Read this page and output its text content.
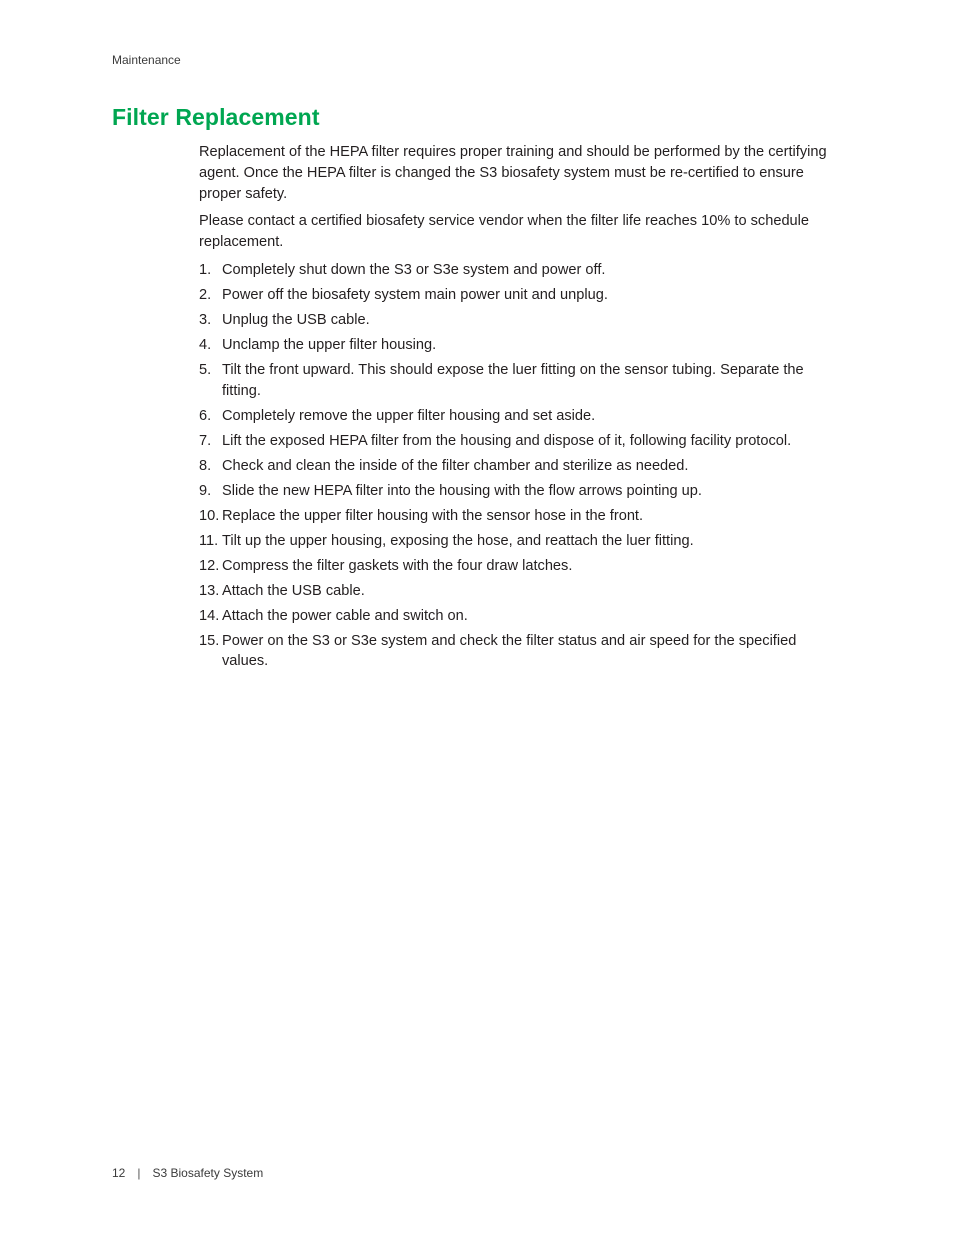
Maintenance
Filter Replacement

Replacement of the HEPA filter requires proper training and should be performed by the certifying agent. Once the HEPA filter is changed the S3 biosafety system must be re-certified to ensure proper safety.

Please contact a certified biosafety service vendor when the filter life reaches 10% to schedule replacement.

1. Completely shut down the S3 or S3e system and power off.
2. Power off the biosafety system main power unit and unplug.
3. Unplug the USB cable.
4. Unclamp the upper filter housing.
5. Tilt the front upward. This should expose the luer fitting on the sensor tubing. Separate the fitting.
6. Completely remove the upper filter housing and set aside.
7. Lift the exposed HEPA filter from the housing and dispose of it, following facility protocol.
8. Check and clean the inside of the filter chamber and sterilize as needed.
9. Slide the new HEPA filter into the housing with the flow arrows pointing up.
10. Replace the upper filter housing with the sensor hose in the front.
11. Tilt up the upper housing, exposing the hose, and reattach the luer fitting.
12. Compress the filter gaskets with the four draw latches.
13. Attach the USB cable.
14. Attach the power cable and switch on.
15. Power on the S3 or S3e system and check the filter status and air speed for the specified values.
12 | S3 Biosafety System
